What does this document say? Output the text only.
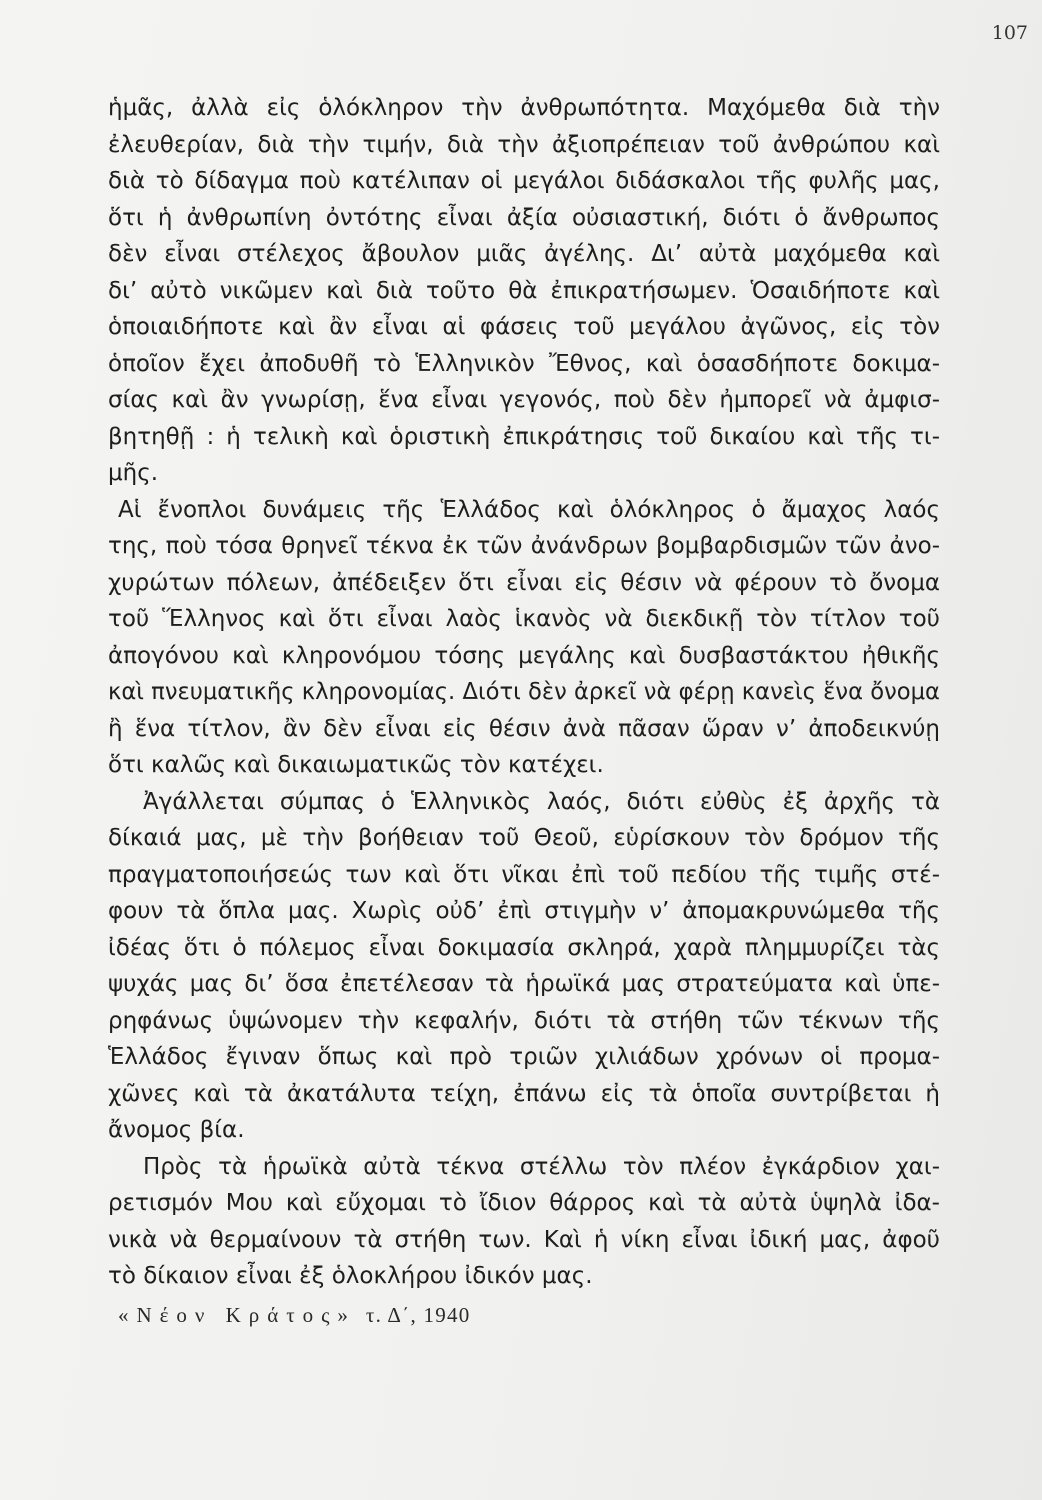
107
ἡμᾶς, ἀλλὰ εἰς ὁλόκληρον τὴν ἀνθρωπότητα. Μαχόμεθα διὰ τὴν
ἐλευθερίαν, διὰ τὴν τιμήν, διὰ τὴν ἀξιοπρέπειαν τοῦ ἀνθρώπου καὶ
διὰ τὸ δίδαγμα ποὺ κατέλιπαν οἱ μεγάλοι διδάσκαλοι τῆς φυλῆς μας,
ὅτι ἡ ἀνθρωπίνη ὀντότης εἶναι ἀξία οὐσιαστική, διότι ὁ ἄνθρωπος
δὲν εἶναι στέλεχος ἄβουλον μιᾶς ἀγέλης. Δι’ αὐτὰ μαχόμεθα καὶ
δι’ αὐτὸ νικῶμεν καὶ διὰ τοῦτο θὰ ἐπικρατήσωμεν. Ὁσαιδήποτε καὶ
ὁποιαιδήποτε καὶ ἂν εἶναι αἱ φάσεις τοῦ μεγάλου ἀγῶνος, εἰς τὸν
ὁποῖον ἔχει ἀποδυθῆ τὸ Ἑλληνικὸν Ἔθνος, καὶ ὁσασδήποτε δοκιμα-
σίας καὶ ἂν γνωρίσῃ, ἕνα εἶναι γεγονός, ποὺ δὲν ἠμπορεῖ νὰ ἀμφισ-
βητηθῇ : ἡ τελικὴ καὶ ὁριστικὴ ἐπικράτησις τοῦ δικαίου καὶ τῆς τι-
μῆς.
Αἱ ἔνοπλοι δυνάμεις τῆς Ἑλλάδος καὶ ὁλόκληρος ὁ ἄμαχος λαός
της, ποὺ τόσα θρηνεῖ τέκνα ἐκ τῶν ἀνάνδρων βομβαρδισμῶν τῶν ἀνο-
χυρώτων πόλεων, ἀπέδειξεν ὅτι εἶναι εἰς θέσιν νὰ φέρουν τὸ ὄνομα
τοῦ Ἕλληνος καὶ ὅτι εἶναι λαὸς ἱκανὸς νὰ διεκδικῇ τὸν τίτλον τοῦ
ἀπογόνου καὶ κληρονόμου τόσης μεγάλης καὶ δυσβαστάκτου ἠθικῆς
καὶ πνευματικῆς κληρονομίας. Διότι δὲν ἀρκεῖ νὰ φέρῃ κανεὶς ἕνα ὄνομα
ἢ ἕνα τίτλον, ἂν δὲν εἶναι εἰς θέσιν ἀνὰ πᾶσαν ὥραν ν’ ἀποδεικνύῃ
ὅτι καλῶς καὶ δικαιωματικῶς τὸν κατέχει.
Ἀγάλλεται σύμπας ὁ Ἑλληνικὸς λαός, διότι εὐθὺς ἐξ ἀρχῆς τὰ
δίκαιά μας, μὲ τὴν βοήθειαν τοῦ Θεοῦ, εὑρίσκουν τὸν δρόμον τῆς
πραγματοποιήσεώς των καὶ ὅτι νῖκαι ἐπὶ τοῦ πεδίου τῆς τιμῆς στέ-
φουν τὰ ὅπλα μας. Χωρὶς οὐδ’ ἐπὶ στιγμὴν ν’ ἀπομακρυνώμεθα τῆς
ἰδέας ὅτι ὁ πόλεμος εἶναι δοκιμασία σκληρά, χαρὰ πλημμυρίζει τὰς
ψυχάς μας δι’ ὅσα ἐπετέλεσαν τὰ ἡρωϊκά μας στρατεύματα καὶ ὑπε-
ρηφάνως ὑψώνομεν τὴν κεφαλήν, διότι τὰ στήθη τῶν τέκνων τῆς
Ἑλλάδος ἔγιναν ὅπως καὶ πρὸ τριῶν χιλιάδων χρόνων οἱ προμα-
χῶνες καὶ τὰ ἀκατάλυτα τείχη, ἐπάνω εἰς τὰ ὁποῖα συντρίβεται ἡ
ἄνομος βία.
Πρὸς τὰ ἡρωϊκὰ αὐτὰ τέκνα στέλλω τὸν πλέον ἐγκάρδιον χαι-
ρετισμόν Μου καὶ εὔχομαι τὸ ἴδιον θάρρος καὶ τὰ αὐτὰ ὑψηλὰ ἰδα-
νικὰ νὰ θερμαίνουν τὰ στήθη των. Καὶ ἡ νίκη εἶναι ἰδική μας, ἀφοῦ
τὸ δίκαιον εἶναι ἐξ ὁλοκλήρου ἰδικόν μας.
«Νέον Κράτος» τ. Δ΄, 1940
